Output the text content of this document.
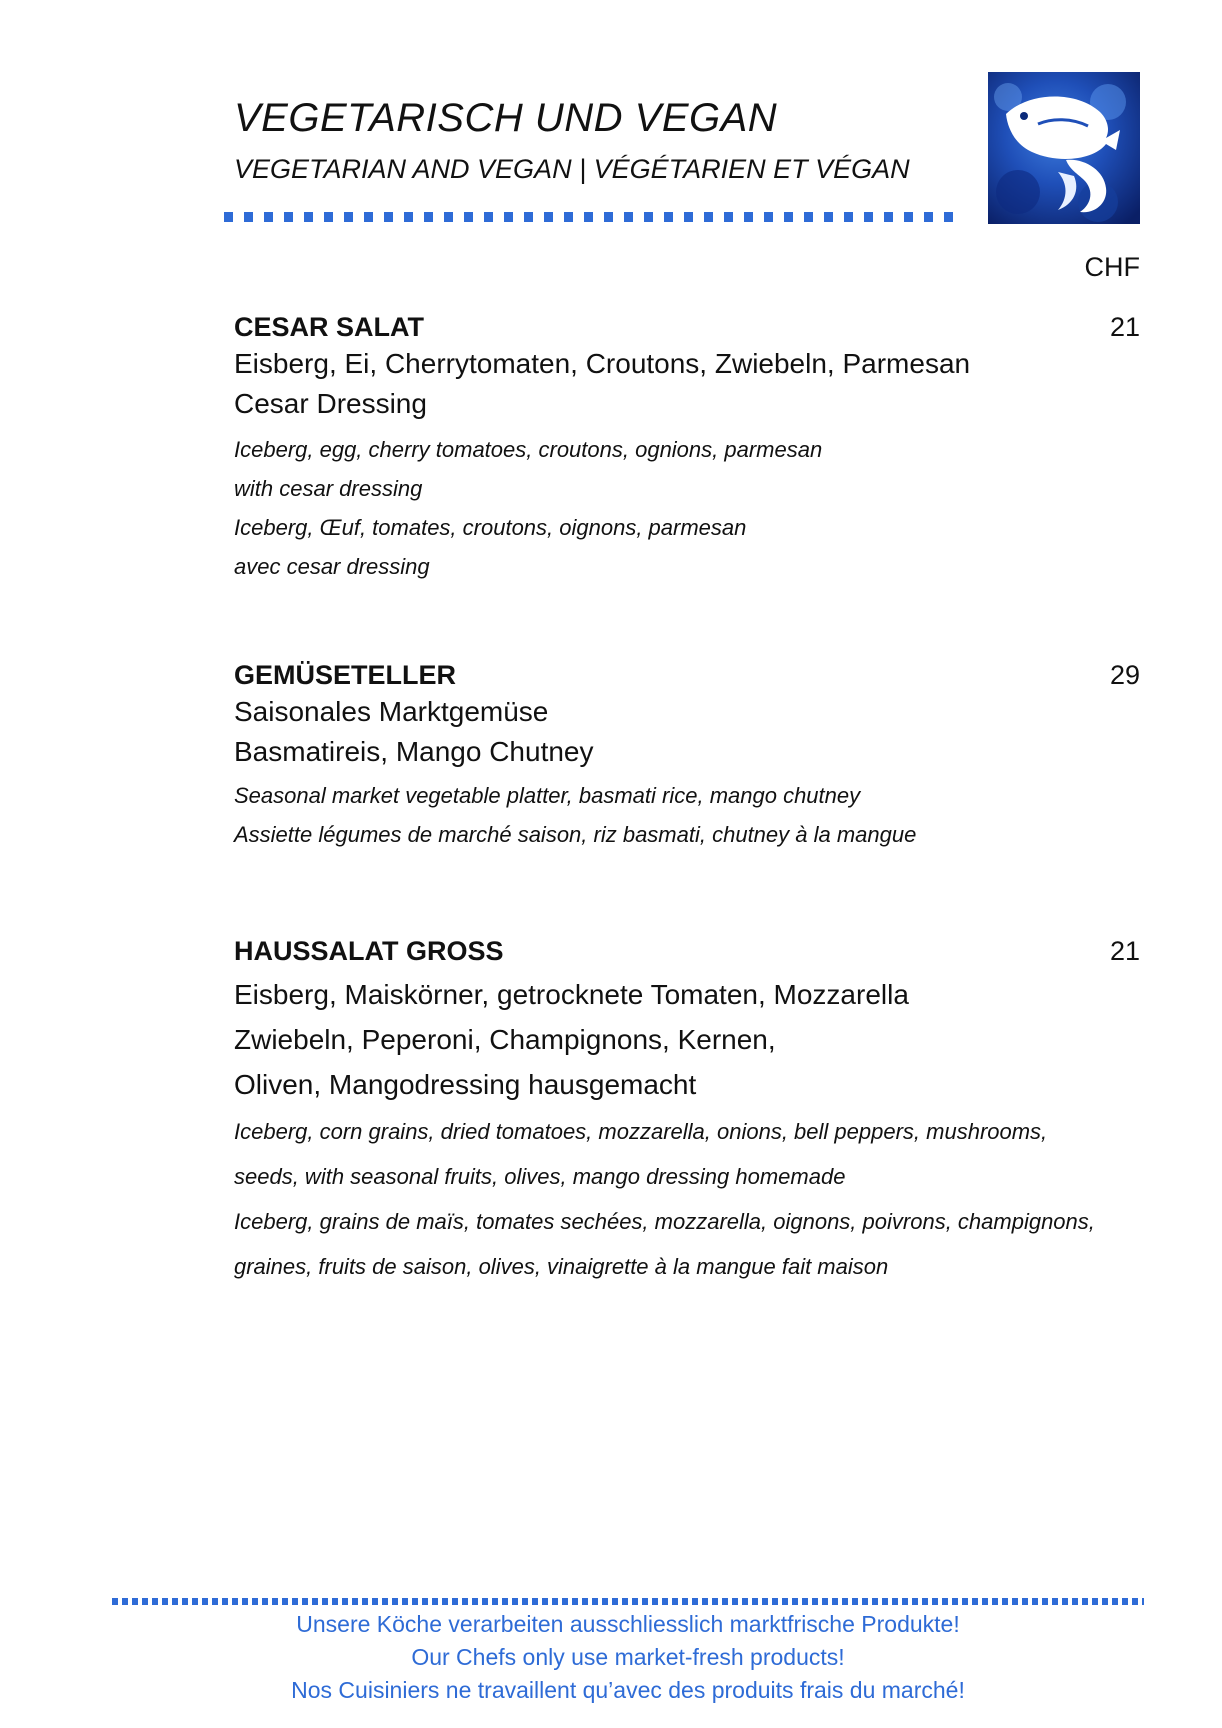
VEGETARISCH UND VEGAN
VEGETARIAN AND VEGAN | VÉGÉTARIEN ET VÉGAN
CHF

CESAR SALAT	21

Eisberg, Ei, Cherrytomaten, Croutons, Zwiebeln, Parmesan

Cesar Dressing

Iceberg, egg, cherry tomatoes, croutons, ognions, parmesan

with cesar dressing

Iceberg, Œuf, tomates, croutons, oignons, parmesan

avec cesar dressing

GEMÜSETELLER	29

Saisonales Marktgemüse

Basmatireis, Mango Chutney

Seasonal market vegetable platter, basmati rice, mango chutney

Assiette légumes de marché saison, riz basmati, chutney à la mangue

HAUSSALAT GROSS	21

Eisberg, Maiskörner, getrocknete Tomaten, Mozzarella

Zwiebeln, Peperoni, Champignons, Kernen,

Oliven, Mangodressing hausgemacht

Iceberg, corn grains, dried tomatoes, mozzarella, onions, bell peppers, mushrooms,

seeds, with seasonal fruits, olives, mango dressing homemade

Iceberg, grains de maïs, tomates sechées, mozzarella, oignons, poivrons, champignons,

graines, fruits de saison, olives, vinaigrette à la mangue fait maison

Unsere Köche verarbeiten ausschliesslich marktfrische Produkte!

Our Chefs only use market-fresh products!

Nos Cuisiniers ne travaillent qu’avec des produits frais du marché!
